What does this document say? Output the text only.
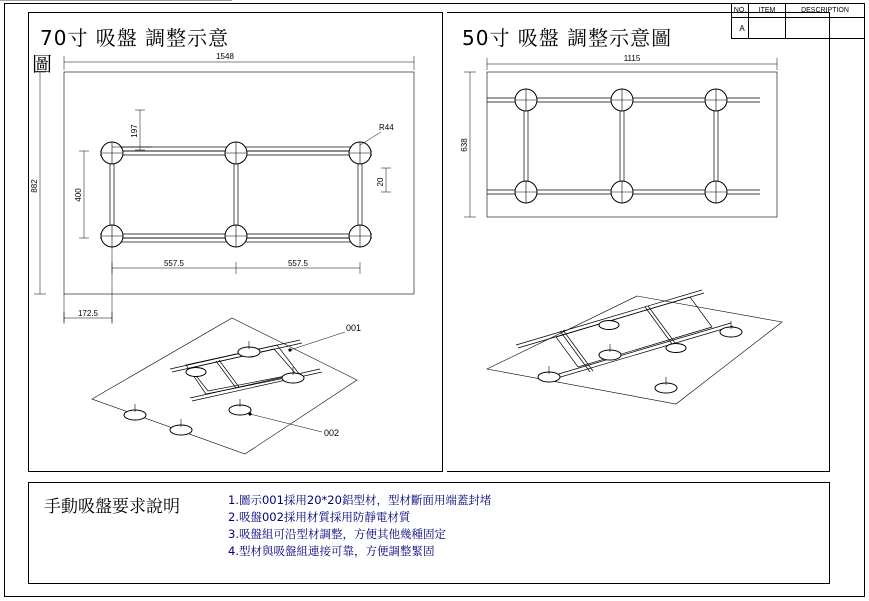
NO.	ITEM	DESCRIPTION
A
70寸 吸盤 調整示意
圖
50寸 吸盤 調整示意圖
手動吸盤要求說明	1.圖示001採用20*20鋁型材，型材斷面用端蓋封堵
2.吸盤002採用材質採用防靜電材質
3.吸盤組可沿型材調整，方便其他幾種固定
4.型材與吸盤組連接可靠，方便調整緊固
1548
882
400
197
20
R44
557.5	557.5
172.5
001
002
1115
638
